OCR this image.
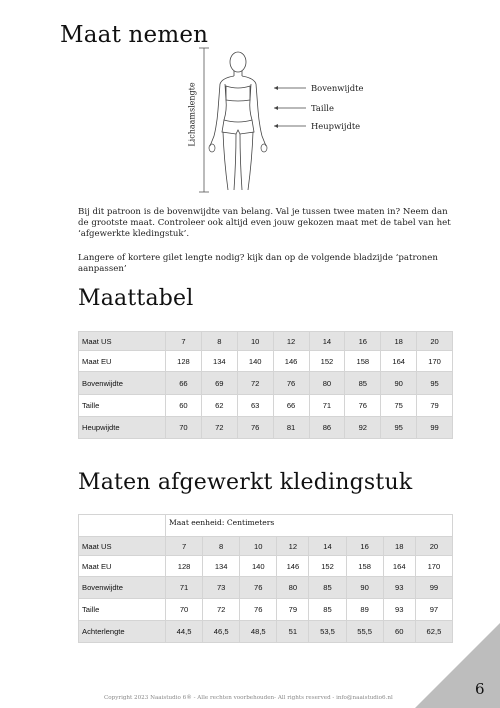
Maat nemen
Lichaamslengte	Bovenwijdte
Taille
Heupwijdte
Bij dit patroon is de bovenwijdte van belang. Val je tussen twee maten in? Neem dan
de grootste maat. Controleer ook altijd even jouw gekozen maat met de tabel van het
‘afgewerkte kledingstuk’.
Langere of kortere gilet lengte nodig? kijk dan op de volgende bladzijde ‘patronen
aanpassen’
Maattabel
Maat US	7	8	10	12	14	16	18	20
Maat EU	128	134	140	146	152	158	164	170
Bovenwijdte	66	69	72	76	80	85	90	95
Taille	60	62	63	66	71	76	75	79
Heupwijdte	70	72	76	81	86	92	95	99
Maten afgewerkt kledingstuk
	Maat eenheid: Centimeters							
Maat US	7	8	10	12	14	16	18	20
Maat EU	128	134	140	146	152	158	164	170
Bovenwijdte	71	73	76	80	85	90	93	99
Taille	70	72	76	79	85	89	93	97
Achterlengte	44,5	46,5	48,5	51	53,5	55,5	60	62,5
Copyright 2023 Naaistudio 6® - Alle rechten voorbehouden- All rights reserved - info@naaistudio6.nl	6
